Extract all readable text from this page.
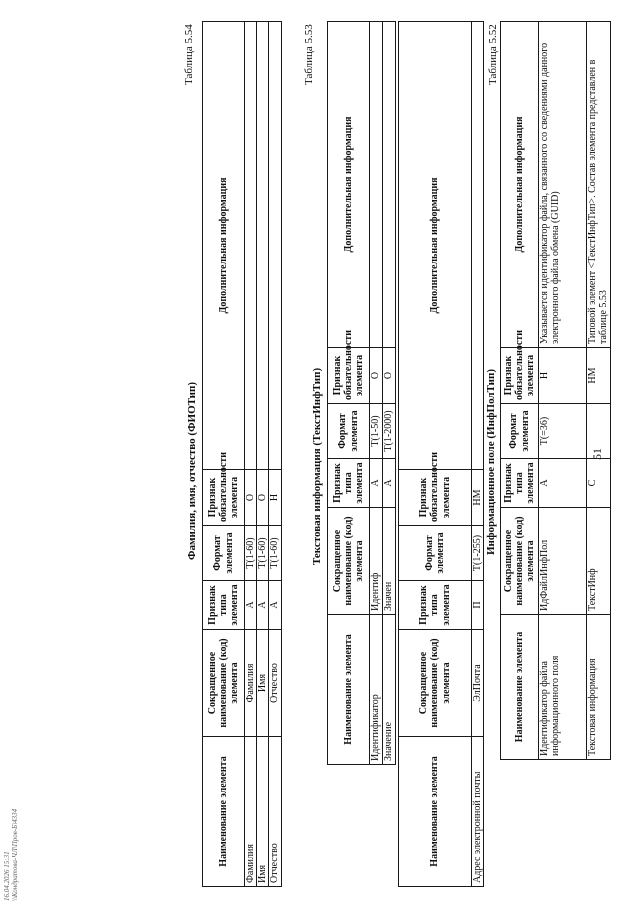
51
Наименование элемента	Сокращенное наименование (код) элемента	Признак типа элемента	Формат элемента	Признак обязательности элемента	Дополнительная информация
Адрес электронной почты	ЭлПочта	П	T(1-255)	НМ	
Таблица 5.52
Информационное поле (ИнфПолТип)
Наименование элемента	Сокращенное наименование (код) элемента	Признак типа элемента	Формат элемента	Признак обязательности элемента	Дополнительная информация
Идентификатор файла информационного поля	ИдФайлИнфПол	А	T(=36)	Н	Указывается идентификатор файла, связанного со сведениями данного электронного файла обмена (GUID)
Текстовая информация	ТекстИнф	С		НМ	Типовой элемент <ТекстИнфТип>. Состав элемента представлен в таблице 5.53
Таблица 5.53
Текстовая информация (ТекстИнфТип)
Наименование элемента	Сокращенное наименование (код) элемента	Признак типа элемента	Формат элемента	Признак обязательности элемента	Дополнительная информация
Идентификатор	Идентиф	А	T(1-50)	О	
Значение	Значен	А	T(1-2000)	О	
Таблица 5.54
Фамилия, имя, отчество (ФИОТип)
Наименование элемента	Сокращенное наименование (код) элемента	Признак типа элемента	Формат элемента	Признак обязательности элемента	Дополнительная информация
Фамилия	Фамилия	А	T(1-60)	О	
Имя	Имя	А	T(1-60)	О	
Отчество	Отчество	А	T(1-60)	Н	
16.04.2026 15:31 \\Кондратова-ЧЛ\Пров-Б\4334
